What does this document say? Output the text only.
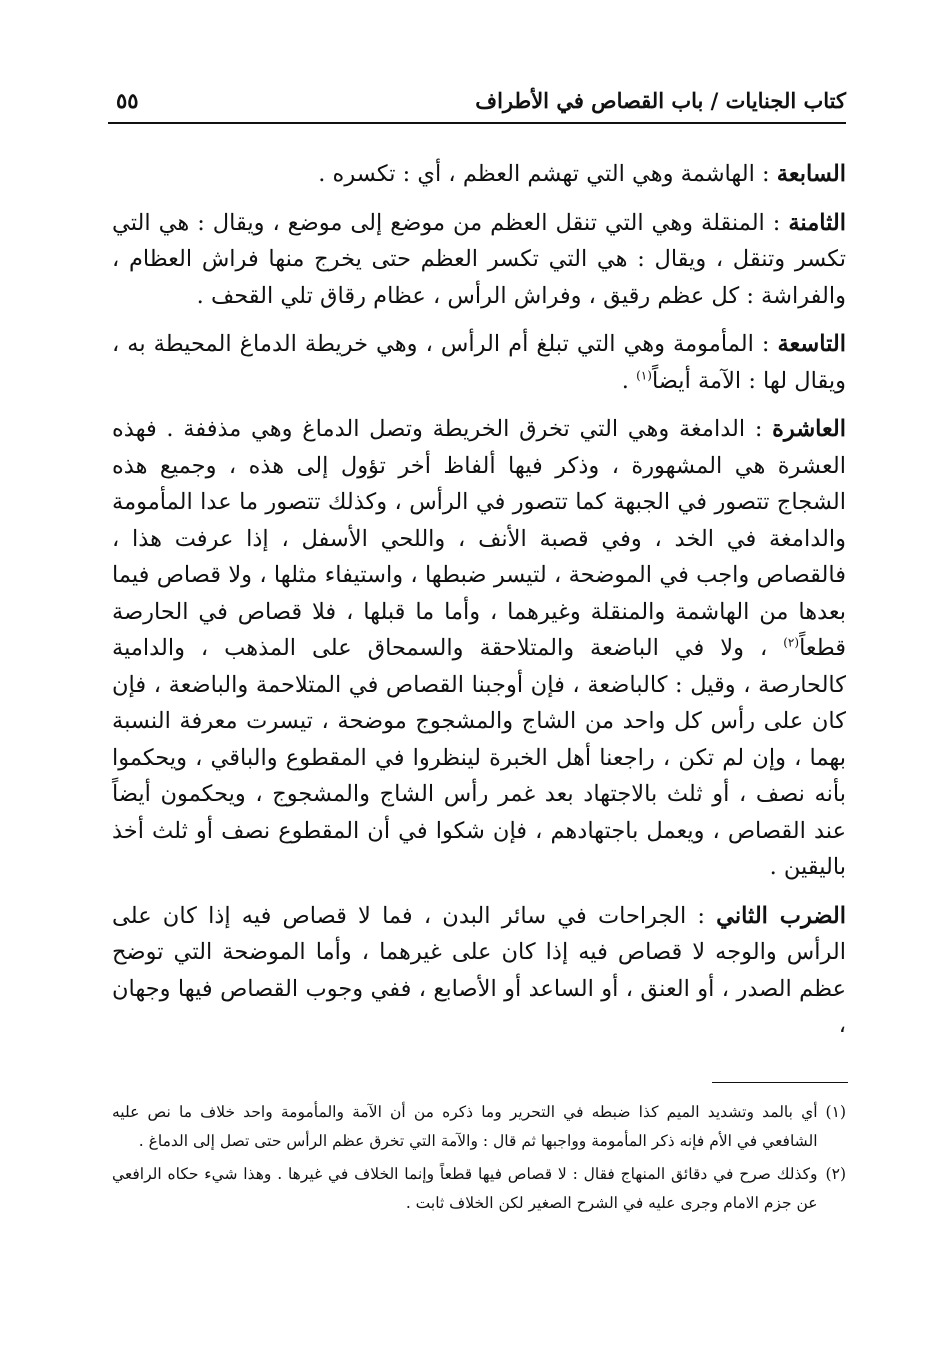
كتاب الجنايات / باب القصاص في الأطراف
٥٥

السابعة : الهاشمة وهي التي تهشم العظم ، أي : تكسره .

الثامنة : المنقلة وهي التي تنقل العظم من موضع إلى موضع ، ويقال : هي التي تكسر وتنقل ، ويقال : هي التي تكسر العظم حتى يخرج منها فراش العظام ، والفراشة : كل عظم رقيق ، وفراش الرأس ، عظام رقاق تلي القحف .

التاسعة : المأمومة وهي التي تبلغ أم الرأس ، وهي خريطة الدماغ المحيطة به ، ويقال لها : الآمة أيضاً$^{(١)}$ .

العاشرة : الدامغة وهي التي تخرق الخريطة وتصل الدماغ وهي مذففة . فهذه العشرة هي المشهورة ، وذكر فيها ألفاظ أخر تؤول إلى هذه ، وجميع هذه الشجاج تتصور في الجبهة كما تتصور في الرأس ، وكذلك تتصور ما عدا المأمومة والدامغة في الخد ، وفي قصبة الأنف ، واللحي الأسفل ، إذا عرفت هذا ، فالقصاص واجب في الموضحة ، لتيسر ضبطها ، واستيفاء مثلها ، ولا قصاص فيما بعدها من الهاشمة والمنقلة وغيرهما ، وأما ما قبلها ، فلا قصاص في الحارصة قطعاً$^{(٢)}$ ، ولا في الباضعة والمتلاحقة والسمحاق على المذهب ، والدامية كالحارصة ، وقيل : كالباضعة ، فإن أوجبنا القصاص في المتلاحمة والباضعة ، فإن كان على رأس كل واحد من الشاج والمشجوج موضحة ، تيسرت معرفة النسبة بهما ، وإن لم تكن ، راجعنا أهل الخبرة لينظروا في المقطوع والباقي ، ويحكموا بأنه نصف ، أو ثلث بالاجتهاد بعد غمر رأس الشاج والمشجوج ، ويحكمون أيضاً عند القصاص ، ويعمل باجتهادهم ، فإن شكوا في أن المقطوع نصف أو ثلث أخذ باليقين .

الضرب الثاني : الجراحات في سائر البدن ، فما لا قصاص فيه إذا كان على الرأس والوجه لا قصاص فيه إذا كان على غيرهما ، وأما الموضحة التي توضح عظم الصدر ، أو العنق ، أو الساعد أو الأصابع ، ففي وجوب القصاص فيها وجهان ،

(١)
أي بالمد وتشديد الميم كذا ضبطه في التحرير وما ذكره من أن الآمة والمأمومة واحد خلاف ما نص عليه الشافعي في الأم فإنه ذكر المأمومة وواجبها ثم قال : والآمة التي تخرق عظم الرأس حتى تصل إلى الدماغ .
(٢)
وكذلك صرح في دقائق المنهاج فقال : لا قصاص فيها قطعاً وإنما الخلاف في غيرها . وهذا شيء حكاه الرافعي عن جزم الامام وجرى عليه في الشرح الصغير لكن الخلاف ثابت .
